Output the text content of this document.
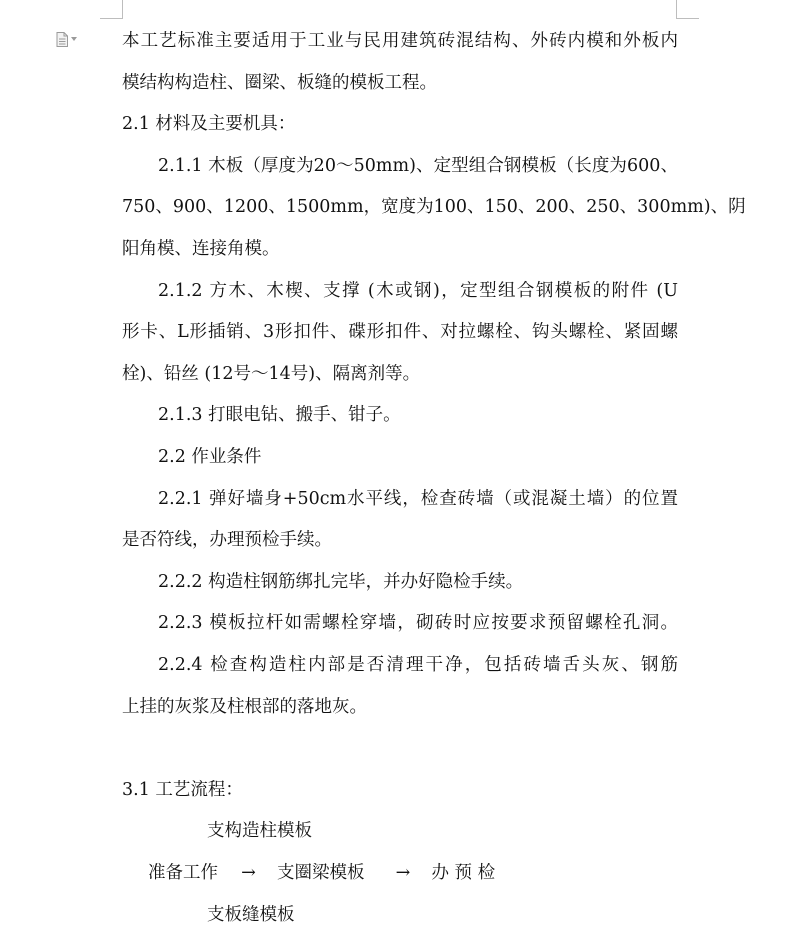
本工艺标准主要适用于工业与民用建筑砖混结构、外砖内模和外板内
模结构构造柱、圈梁、板缝的模板工程。
2.1 材料及主要机具：
2.1.1 木板（厚度为20～50mm)、定型组合钢模板（长度为600、
750、900、1200、1500mm，宽度为100、150、200、250、300mm)、阴
阳角模、连接角模。
2.1.2 方木、木楔、支撑 (木或钢)，定型组合钢模板的附件 (U
形卡、L形插销、3形扣件、碟形扣件、对拉螺栓、钩头螺栓、紧固螺
栓)、铅丝 (12号～14号)、隔离剂等。
2.1.3 打眼电钻、搬手、钳子。
2.2 作业条件
2.2.1 弹好墙身+50cm水平线，检查砖墙（或混凝土墙）的位置
是否符线，办理预检手续。
2.2.2 构造柱钢筋绑扎完毕，并办好隐检手续。
2.2.3 模板拉杆如需螺栓穿墙，砌砖时应按要求预留螺栓孔洞。
2.2.4 检查构造柱内部是否清理干净，包括砖墙舌头灰、钢筋
上挂的灰浆及柱根部的落地灰。
3.1 工艺流程：
支构造柱模板
准备工作 → 支圈梁模板 → 办 预 检
支板缝模板
